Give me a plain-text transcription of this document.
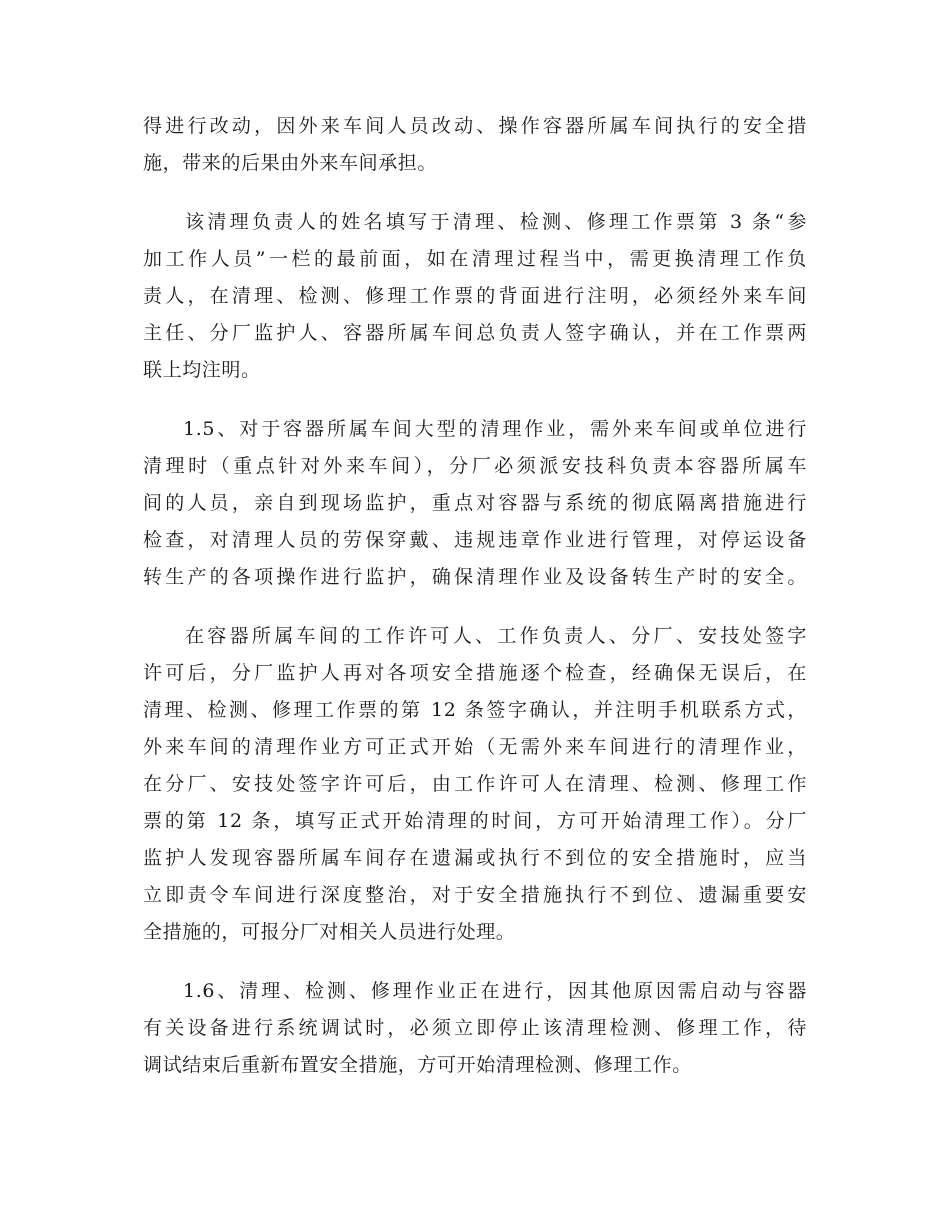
得进行改动，因外来车间人员改动、操作容器所属车间执行的安全措
施，带来的后果由外来车间承担。
该清理负责人的姓名填写于清理、检测、修理工作票第 3 条“参
加工作人员”一栏的最前面，如在清理过程当中，需更换清理工作负
责人，在清理、检测、修理工作票的背面进行注明，必须经外来车间
主任、分厂监护人、容器所属车间总负责人签字确认，并在工作票两
联上均注明。
1.5、对于容器所属车间大型的清理作业，需外来车间或单位进行
清理时（重点针对外来车间），分厂必须派安技科负责本容器所属车
间的人员，亲自到现场监护，重点对容器与系统的彻底隔离措施进行
检查，对清理人员的劳保穿戴、违规违章作业进行管理，对停运设备
转生产的各项操作进行监护，确保清理作业及设备转生产时的安全。
在容器所属车间的工作许可人、工作负责人、分厂、安技处签字
许可后，分厂监护人再对各项安全措施逐个检查，经确保无误后，在
清理、检测、修理工作票的第 12 条签字确认，并注明手机联系方式，
外来车间的清理作业方可正式开始（无需外来车间进行的清理作业，
在分厂、安技处签字许可后，由工作许可人在清理、检测、修理工作
票的第 12 条，填写正式开始清理的时间，方可开始清理工作）。分厂
监护人发现容器所属车间存在遗漏或执行不到位的安全措施时，应当
立即责令车间进行深度整治，对于安全措施执行不到位、遗漏重要安
全措施的，可报分厂对相关人员进行处理。
1.6、清理、检测、修理作业正在进行，因其他原因需启动与容器
有关设备进行系统调试时，必须立即停止该清理检测、修理工作，待
调试结束后重新布置安全措施，方可开始清理检测、修理工作。
